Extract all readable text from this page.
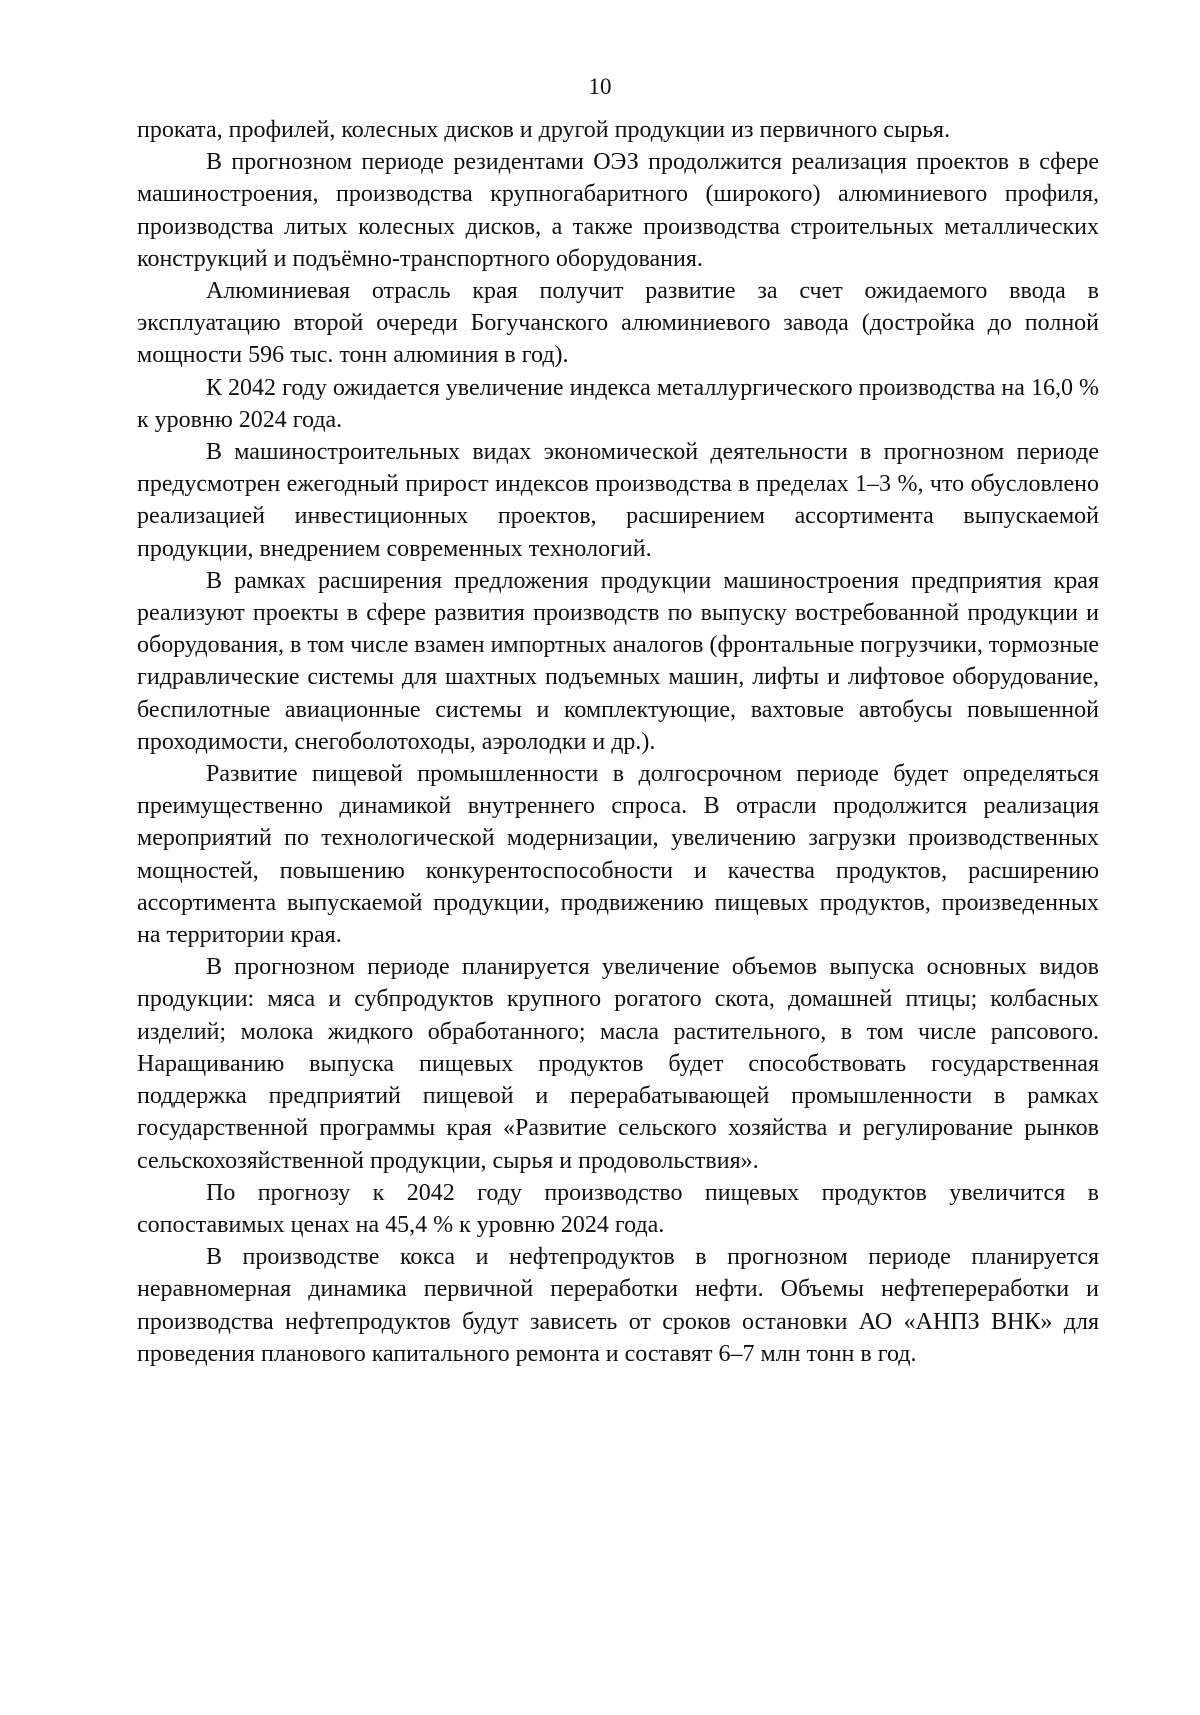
10

проката, профилей, колесных дисков и другой продукции из первичного сырья.

В прогнозном периоде резидентами ОЭЗ продолжится реализация проектов в сфере машиностроения, производства крупногабаритного (широкого) алюминиевого профиля, производства литых колесных дисков, а также производства строительных металлических конструкций и подъёмно-транспортного оборудования.

Алюминиевая отрасль края получит развитие за счет ожидаемого ввода в эксплуатацию второй очереди Богучанского алюминиевого завода (достройка до полной мощности 596 тыс. тонн алюминия в год).

К 2042 году ожидается увеличение индекса металлургического производства на 16,0 % к уровню 2024 года.

В машиностроительных видах экономической деятельности в прогнозном периоде предусмотрен ежегодный прирост индексов производства в пределах 1–3 %, что обусловлено реализацией инвестиционных проектов, расширением ассортимента выпускаемой продукции, внедрением современных технологий.

В рамках расширения предложения продукции машиностроения предприятия края реализуют проекты в сфере развития производств по выпуску востребованной продукции и оборудования, в том числе взамен импортных аналогов (фронтальные погрузчики, тормозные гидравлические системы для шахтных подъемных машин, лифты и лифтовое оборудование, беспилотные авиационные системы и комплектующие, вахтовые автобусы повышенной проходимости, снегоболотоходы, аэролодки и др.).

Развитие пищевой промышленности в долгосрочном периоде будет определяться преимущественно динамикой внутреннего спроса. В отрасли продолжится реализация мероприятий по технологической модернизации, увеличению загрузки производственных мощностей, повышению конкурентоспособности и качества продуктов, расширению ассортимента выпускаемой продукции, продвижению пищевых продуктов, произведенных на территории края.

В прогнозном периоде планируется увеличение объемов выпуска основных видов продукции: мяса и субпродуктов крупного рогатого скота, домашней птицы; колбасных изделий; молока жидкого обработанного; масла растительного, в том числе рапсового. Наращиванию выпуска пищевых продуктов будет способствовать государственная поддержка предприятий пищевой и перерабатывающей промышленности в рамках государственной программы края «Развитие сельского хозяйства и регулирование рынков сельскохозяйственной продукции, сырья и продовольствия».

По прогнозу к 2042 году производство пищевых продуктов увеличится в сопоставимых ценах на 45,4 % к уровню 2024 года.

В производстве кокса и нефтепродуктов в прогнозном периоде планируется неравномерная динамика первичной переработки нефти. Объемы нефтепереработки и производства нефтепродуктов будут зависеть от сроков остановки АО «АНПЗ ВНК» для проведения планового капитального ремонта и составят 6–7 млн тонн в год.
